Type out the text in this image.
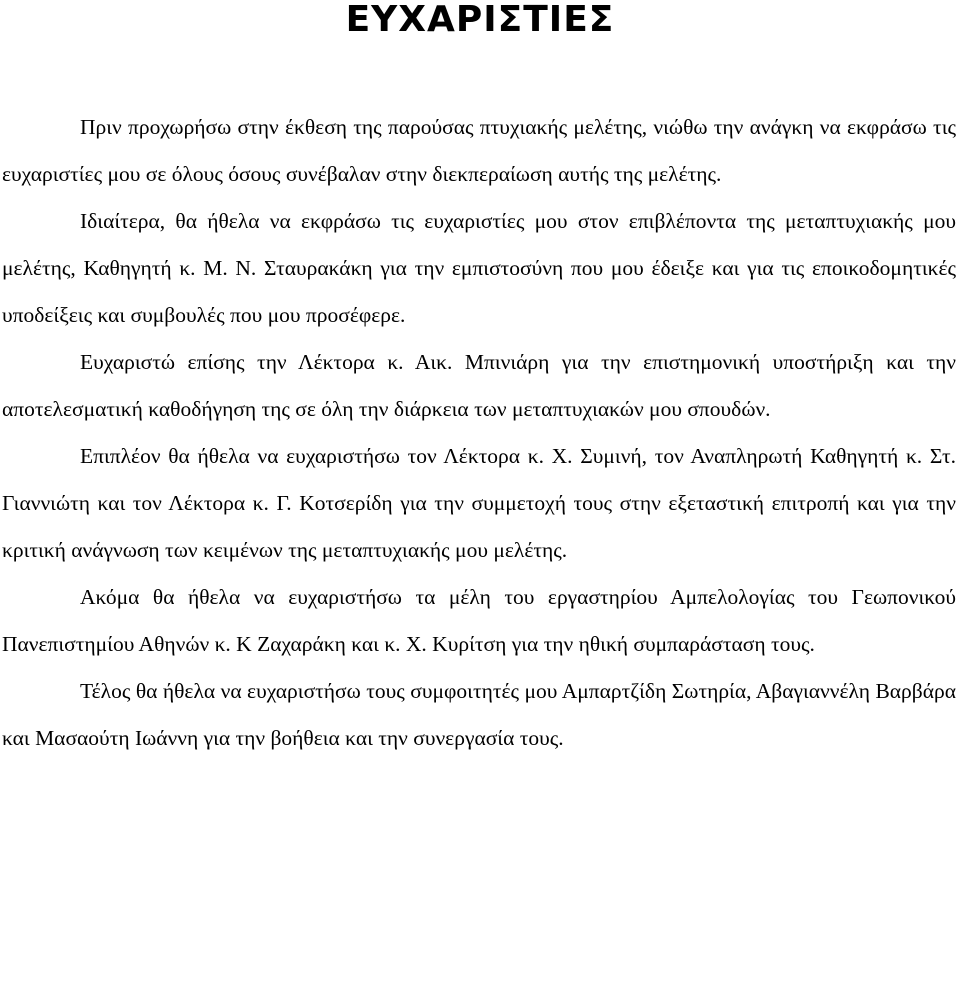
ΕΥΧΑΡΙΣΤΙΕΣ

Πριν προχωρήσω στην έκθεση της παρούσας πτυχιακής μελέτης, νιώθω την ανάγκη να εκφράσω τις ευχαριστίες μου σε όλους όσους συνέβαλαν στην διεκπεραίωση αυτής της μελέτης.

Ιδιαίτερα, θα ήθελα να εκφράσω τις ευχαριστίες μου στον επιβλέποντα της μεταπτυχιακής μου μελέτης, Καθηγητή κ. Μ. Ν. Σταυρακάκη για την εμπιστοσύνη που μου έδειξε και για τις εποικοδομητικές υποδείξεις και συμβουλές που μου προσέφερε.

Ευχαριστώ επίσης την Λέκτορα κ. Αικ. Μπινιάρη για την επιστημονική υποστήριξη και την αποτελεσματική καθοδήγηση της σε όλη την διάρκεια των μεταπτυχιακών μου σπουδών.

Επιπλέον θα ήθελα να ευχαριστήσω τον Λέκτορα κ. Χ. Συμινή, τον Αναπληρωτή Καθηγητή κ. Στ. Γιαννιώτη και τον Λέκτορα κ. Γ. Κοτσερίδη για την συμμετοχή τους στην εξεταστική επιτροπή και για την κριτική ανάγνωση των κειμένων της μεταπτυχιακής μου μελέτης.

Ακόμα θα ήθελα να ευχαριστήσω τα μέλη του εργαστηρίου Αμπελολογίας του Γεωπονικού Πανεπιστημίου Αθηνών κ. Κ Ζαχαράκη και κ. Χ. Κυρίτση για την ηθική συμπαράσταση τους.

Τέλος θα ήθελα να ευχαριστήσω τους συμφοιτητές μου Αμπαρτζίδη Σωτηρία, Αβαγιαννέλη Βαρβάρα και Μασαούτη Ιωάννη για την βοήθεια και την συνεργασία τους.
